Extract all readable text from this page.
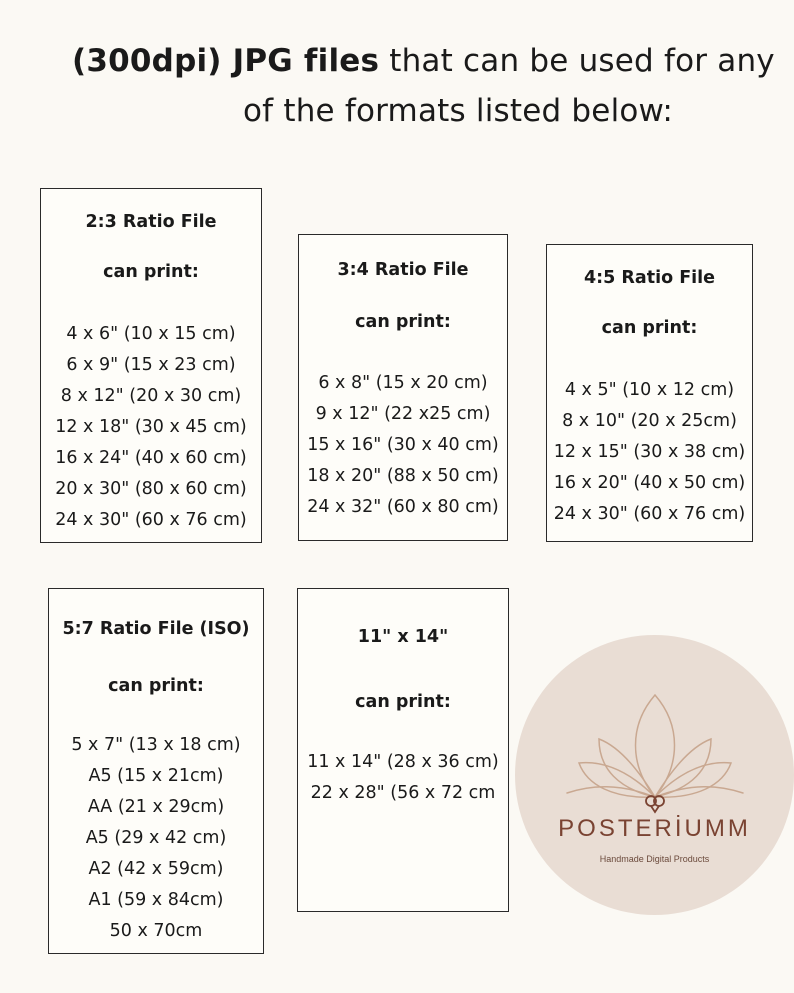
(300dpi) JPG files that can be used for any
of the formats listed below:
2:3 Ratio File
can print:
4 x 6" (10 x 15 cm)
6 x 9" (15 x 23 cm)
8 x 12" (20 x 30 cm)
12 x 18" (30 x 45 cm)
16 x 24" (40 x 60 cm)
20 x 30" (80 x 60 cm)
24 x 30" (60 x 76 cm)
3:4 Ratio File
can print:
6 x 8" (15 x 20 cm)
9 x 12" (22 x25 cm)
15 x 16" (30 x 40 cm)
18 x 20" (88 x 50 cm)
24 x 32" (60 x 80 cm)
4:5 Ratio File
can print:
4 x 5" (10 x 12 cm)
8 x 10" (20 x 25cm)
12 x 15" (30 x 38 cm)
16 x 20" (40 x 50 cm)
24 x 30" (60 x 76 cm)
5:7 Ratio File (ISO)
can print:
5 x 7" (13 x 18 cm)
A5 (15 x 21cm)
AA (21 x 29cm)
A5 (29 x 42 cm)
A2 (42 x 59cm)
A1 (59 x 84cm)
50 x 70cm
11" x 14"
can print:
11 x 14" (28 x 36 cm)
22 x 28" (56 x 72 cm
POSTERİUMM
Handmade Digital Products
